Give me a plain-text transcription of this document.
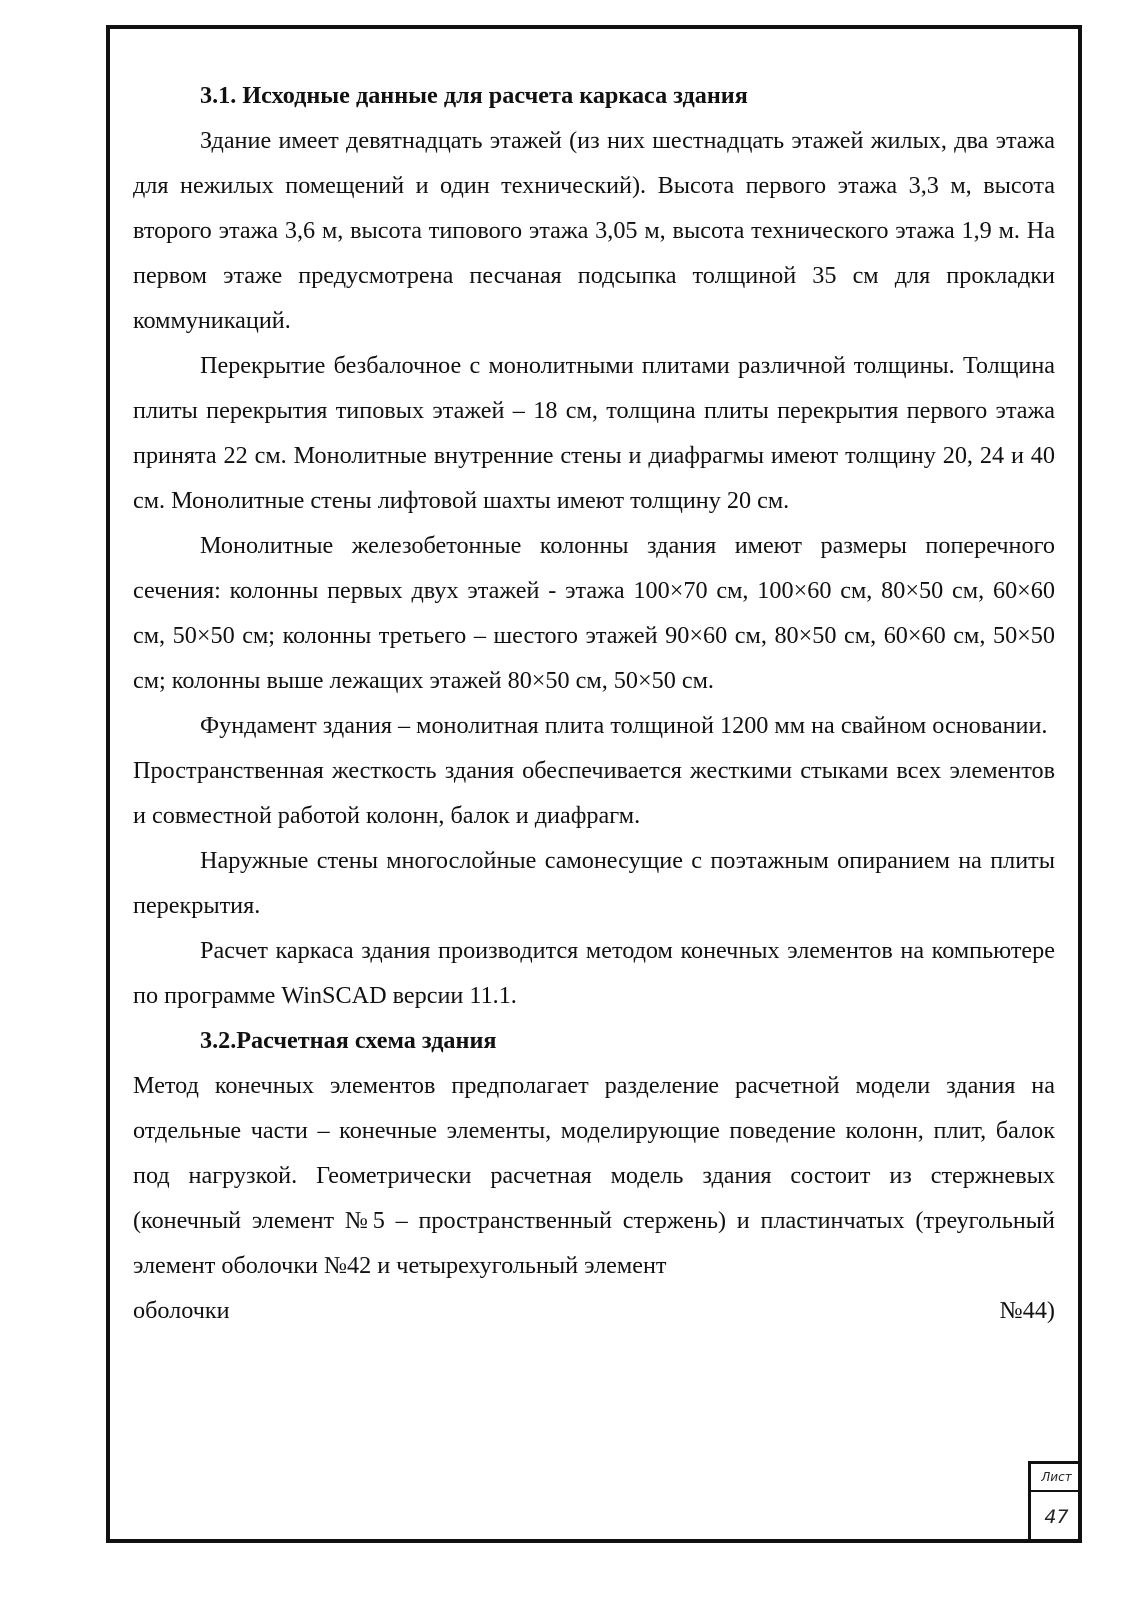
3.1. Исходные данные для расчета каркаса здания

Здание имеет девятнадцать этажей (из них шестнадцать этажей жилых, два этажа для нежилых помещений и один технический). Высота первого этажа 3,3 м, высота второго этажа 3,6 м, высота типового этажа 3,05 м, высота технического этажа 1,9 м. На первом этаже предусмотрена песчаная подсыпка толщиной 35 см для прокладки коммуникаций.

Перекрытие безбалочное с монолитными плитами различной толщины. Толщина плиты перекрытия типовых этажей – 18 см, толщина плиты перекрытия первого этажа принята 22 см. Монолитные внутренние стены и диафрагмы имеют толщину 20, 24 и 40 см. Монолитные стены лифтовой шахты имеют толщину 20 см.

Монолитные железобетонные колонны здания имеют размеры поперечного сечения: колонны первых двух этажей - этажа 100×70 см, 100×60 см, 80×50 см, 60×60 см, 50×50 см; колонны третьего – шестого этажей 90×60 см, 80×50 см, 60×60 см, 50×50 см; колонны выше лежащих этажей 80×50 см, 50×50 см.

Фундамент здания – монолитная плита толщиной 1200 мм на свайном основании.

Пространственная жесткость здания обеспечивается жесткими стыками всех элементов и совместной работой колонн, балок и диафрагм.

Наружные стены многослойные самонесущие с поэтажным опиранием на плиты перекрытия.

Расчет каркаса здания производится методом конечных элементов на компьютере по программе WinSCAD версии 11.1.

3.2.Расчетная схема здания

Метод конечных элементов предполагает разделение расчетной модели здания на отдельные части – конечные элементы, моделирующие поведение колонн, плит, балок под нагрузкой. Геометрически расчетная модель здания состоит из стержневых (конечный элемент №5 – пространственный стержень) и пластинчатых (треугольный элемент оболочки №42 и четырехугольный элемент

оболочки	№44)
Лист
47
